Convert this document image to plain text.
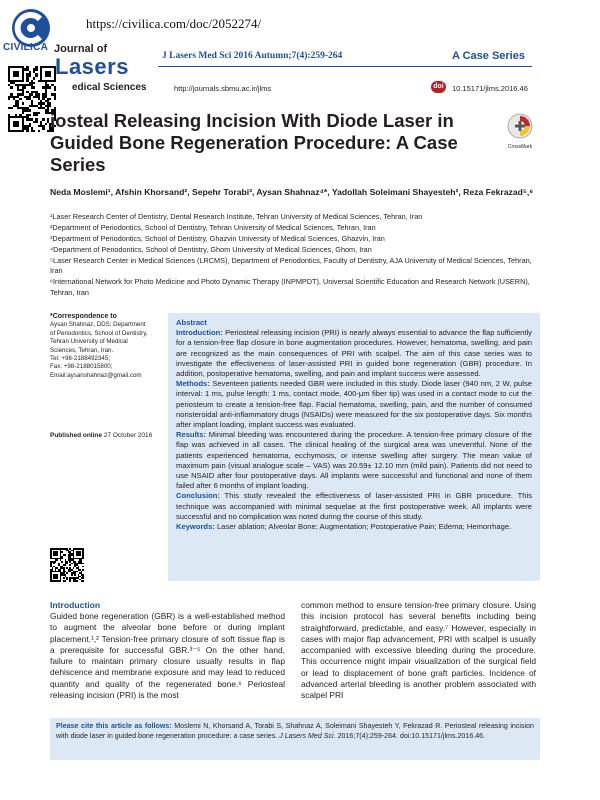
https://civilica.com/doc/2052274/
CIVILICA Journal of
Lasers
edical Sciences
J Lasers Med Sci 2016 Autumn;7(4):259-264	A Case Series
http://journals.sbmu.ac.ir/jlms	doi	10.15171/jlms.2016.46
iosteal Releasing Incision With Diode Laser in Guided Bone Regeneration Procedure: A Case Series
CrossMark
Neda Moslemi¹, Afshin Khorsand², Sepehr Torabi³, Aysan Shahnaz⁴*, Yadollah Soleimani Shayesteh², Reza Fekrazad⁵,⁶
¹Laser Research Center of Dentistry, Dental Research Institute, Tehran University of Medical Sciences, Tehran, Iran
²Department of Periodontics, School of Dentistry, Tehran University of Medical Sciences, Tehran, Iran
³Department of Periodontics, School of Dentistry, Ghazvin University of Medical Sciences, Ghazvin, Iran
⁴Department of Periodontics, School of Dentistry, Ghom University of Medical Sciences, Ghom, Iran
⁵Laser Research Center in Medical Sciences (LRCMS), Department of Periodontics, Faculty of Dentistry, AJA University of Medical Sciences, Tehran, Iran
⁶International Network for Photo Medicine and Photo Dynamic Therapy (INPMPDT), Universal Scientific Education and Research Network (USERN), Tehran, Iran
*Correspondence to
Aysan Shahnaz, DDS; Department
of Periodontics, School of Dentistry,
Tehran University of Medical
Sciences, Tehran, Iran.
Tel: +98-2188492345;
Fax: +98-2188015800;
Email:aysanshahnaz@gmail.com
Published online 27 October 2016

Abstract

Introduction: Periosteal releasing incision (PRI) is nearly always essential to advance the flap sufficiently for a tension-free flap closure in bone augmentation procedures. However, hematoma, swelling, and pain are recognized as the main consequences of PRI with scalpel. The aim of this case series was to investigate the effectiveness of laser-assisted PRI in guided bone regeneration (GBR) procedure. In addition, postoperative hematoma, swelling, and pain and implant success were assessed.

Methods: Seventeen patients needed GBR were included in this study. Diode laser (940 nm, 2 W, pulse interval: 1 ms, pulse length: 1 ms, contact mode, 400-μm fiber tip) was used in a contact mode to cut the periosteum to create a tension-free flap. Facial hematoma, swelling, pain, and the number of consumed nonsteroidal anti-inflammatory drugs (NSAIDs) were measured for the six postoperative days. Six months after implant loading, implant success was evaluated.

Results: Minimal bleeding was encountered during the procedure. A tension-free primary closure of the flap was achieved in all cases. The clinical healing of the surgical area was uneventful. None of the patients experienced hematoma, ecchymosis, or intense swelling after surgery. The mean value of maximum pain (visual analogue scale – VAS) was 20.59± 12.10 mm (mild pain). Patients did not need to use NSAID after four postoperative days. All implants were successful and functional and none of them failed after 6 months of implant loading.

Conclusion: This study revealed the effectiveness of laser-assisted PRI in GBR procedure. This technique was accompanied with minimal sequelae at the first postoperative week. All implants were successful and no complication was noted during the course of this study.

Keywords: Laser ablation; Alveolar Bone; Augmentation; Postoperative Pain; Edema; Hemorrhage.

Introduction
Guided bone regeneration (GBR) is a well-established method to augment the alveolar bone before or during implant placement.¹,² Tension-free primary closure of soft tissue flap is a prerequisite for successful GBR.³⁻⁵ On the other hand, failure to maintain primary closure usually results in flap dehiscence and membrane exposure and may lead to reduced quantity and quality of the regenerated bone.⁶ Periosteal releasing incision (PRI) is the most
common method to ensure tension-free primary closure. Using this incision protocol has several benefits including being straightforward, predictable, and easy.⁷ However, especially in cases with major flap advancement, PRI with scalpel is usually accompanied with excessive bleeding during the procedure. This occurrence might impair visualization of the surgical field or lead to displacement of bone graft particles. Incidence of advanced arterial bleeding is another problem associated with scalpel PRI
Please cite this article as follows: Moslemi N, Khorsand A, Torabi S, Shahnaz A, Soleimani Shayesteh Y, Fekrazad R. Periosteal releasing incision with diode laser in guided bone regeneration procedure: a case series. J Lasers Med Sci. 2016;7(4):259-264. doi:10.15171/jlms.2016.46.
